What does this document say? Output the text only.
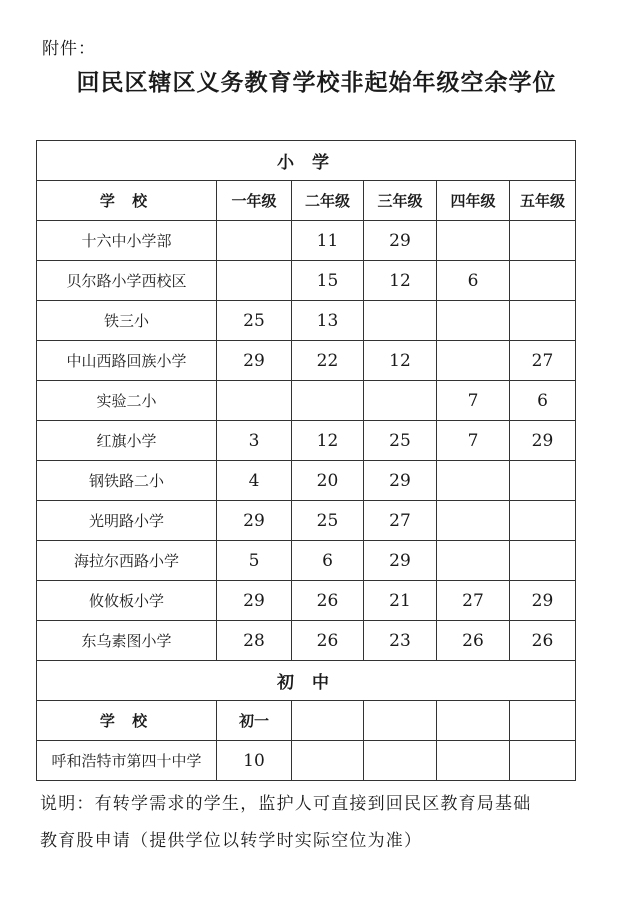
附件：
回民区辖区义务教育学校非起始年级空余学位
小 学					
学 校	一年级	二年级	三年级	四年级	五年级
十六中小学部		11	29		
贝尔路小学西校区		15	12	6	
铁三小	25	13			
中山西路回族小学	29	22	12		27
实验二小				7	6
红旗小学	3	12	25	7	29
钢铁路二小	4	20	29		
光明路小学	29	25	27		
海拉尔西路小学	5	6	29		
攸攸板小学	29	26	21	27	29
东乌素图小学	28	26	23	26	26
初 中					
学 校	初一				
呼和浩特市第四十中学	10				
说明：有转学需求的学生，监护人可直接到回民区教育局基础
教育股申请（提供学位以转学时实际空位为准）
